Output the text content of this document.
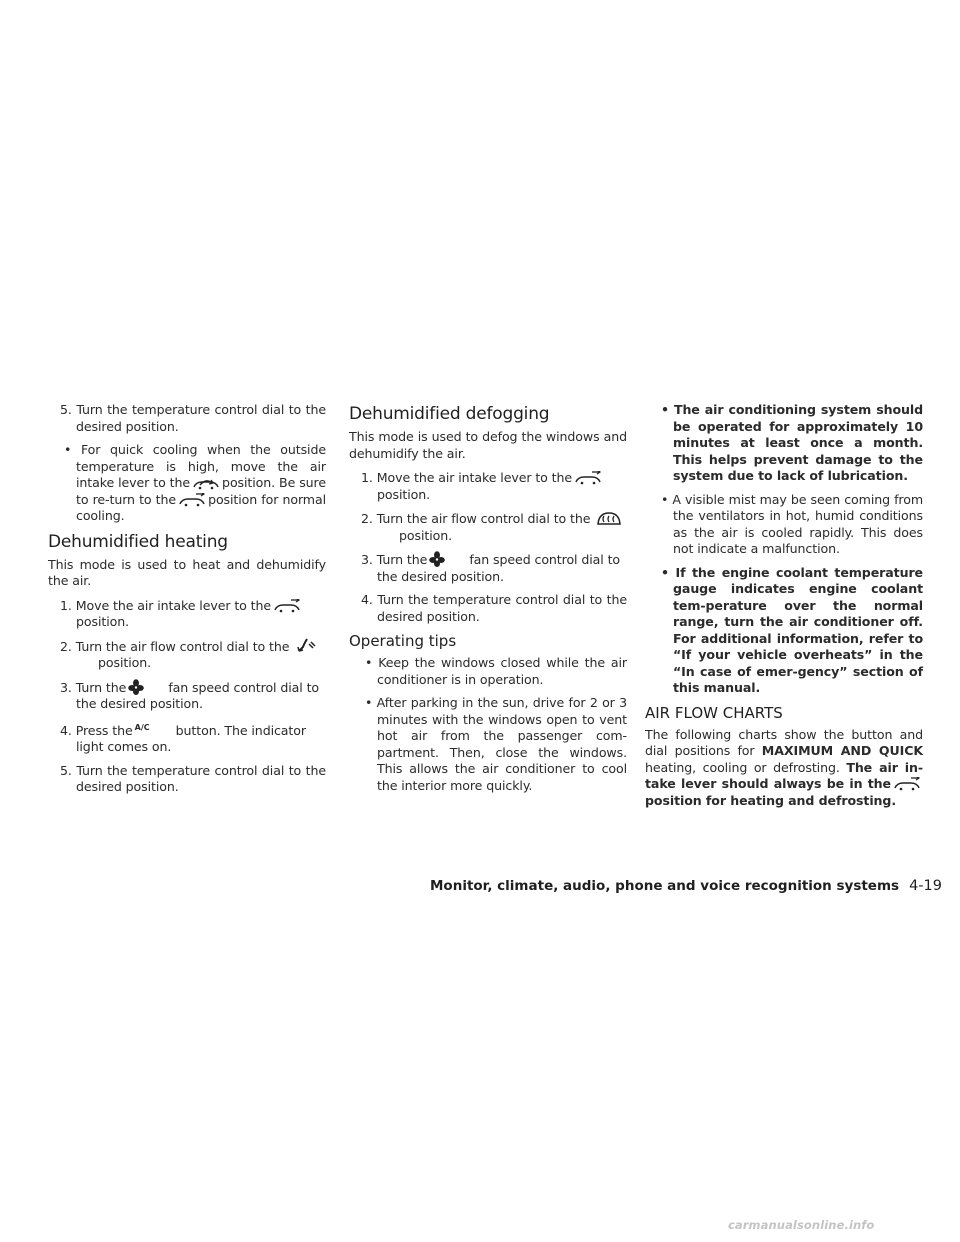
5. Turn the temperature control dial to the desired position.

• For quick cooling when the outside temperature is high, move the air intake lever to the	position. Be sure to re-turn to the	position for normal cooling.

Dehumidified heating

This mode is used to heat and dehumidify the air.

1. Move the air intake lever to the
position.

2. Turn the air flow control dial to the
position.

3. Turn the	fan speed control dial to the desired position.

4. Press the A/C button. The indicator light comes on.

5. Turn the temperature control dial to the desired position.

Dehumidified defogging

This mode is used to defog the windows and dehumidify the air.

1. Move the air intake lever to the
position.

2. Turn the air flow control dial to the
position.

3. Turn the	fan speed control dial to the desired position.

4. Turn the temperature control dial to the desired position.

Operating tips

• Keep the windows closed while the air conditioner is in operation.

• After parking in the sun, drive for 2 or 3 minutes with the windows open to vent hot air from the passenger com-partment. Then, close the windows. This allows the air conditioner to cool the interior more quickly.

• The air conditioning system should be operated for approximately 10 minutes at least once a month. This helps prevent damage to the system due to lack of lubrication.

• A visible mist may be seen coming from the ventilators in hot, humid conditions as the air is cooled rapidly. This does not indicate a malfunction.

• If the engine coolant temperature gauge indicates engine coolant tem-perature over the normal range, turn the air conditioner off. For additional information, refer to “If your vehicle overheats” in the “In case of emer-gency” section of this manual.

AIR FLOW CHARTS

The following charts show the button and dial positions for MAXIMUM AND QUICK heating, cooling or defrosting. The air in-take lever should always be in the
position for heating and defrosting.

Monitor, climate, audio, phone and voice recognition systems 4-19
carmanualsonline.info
